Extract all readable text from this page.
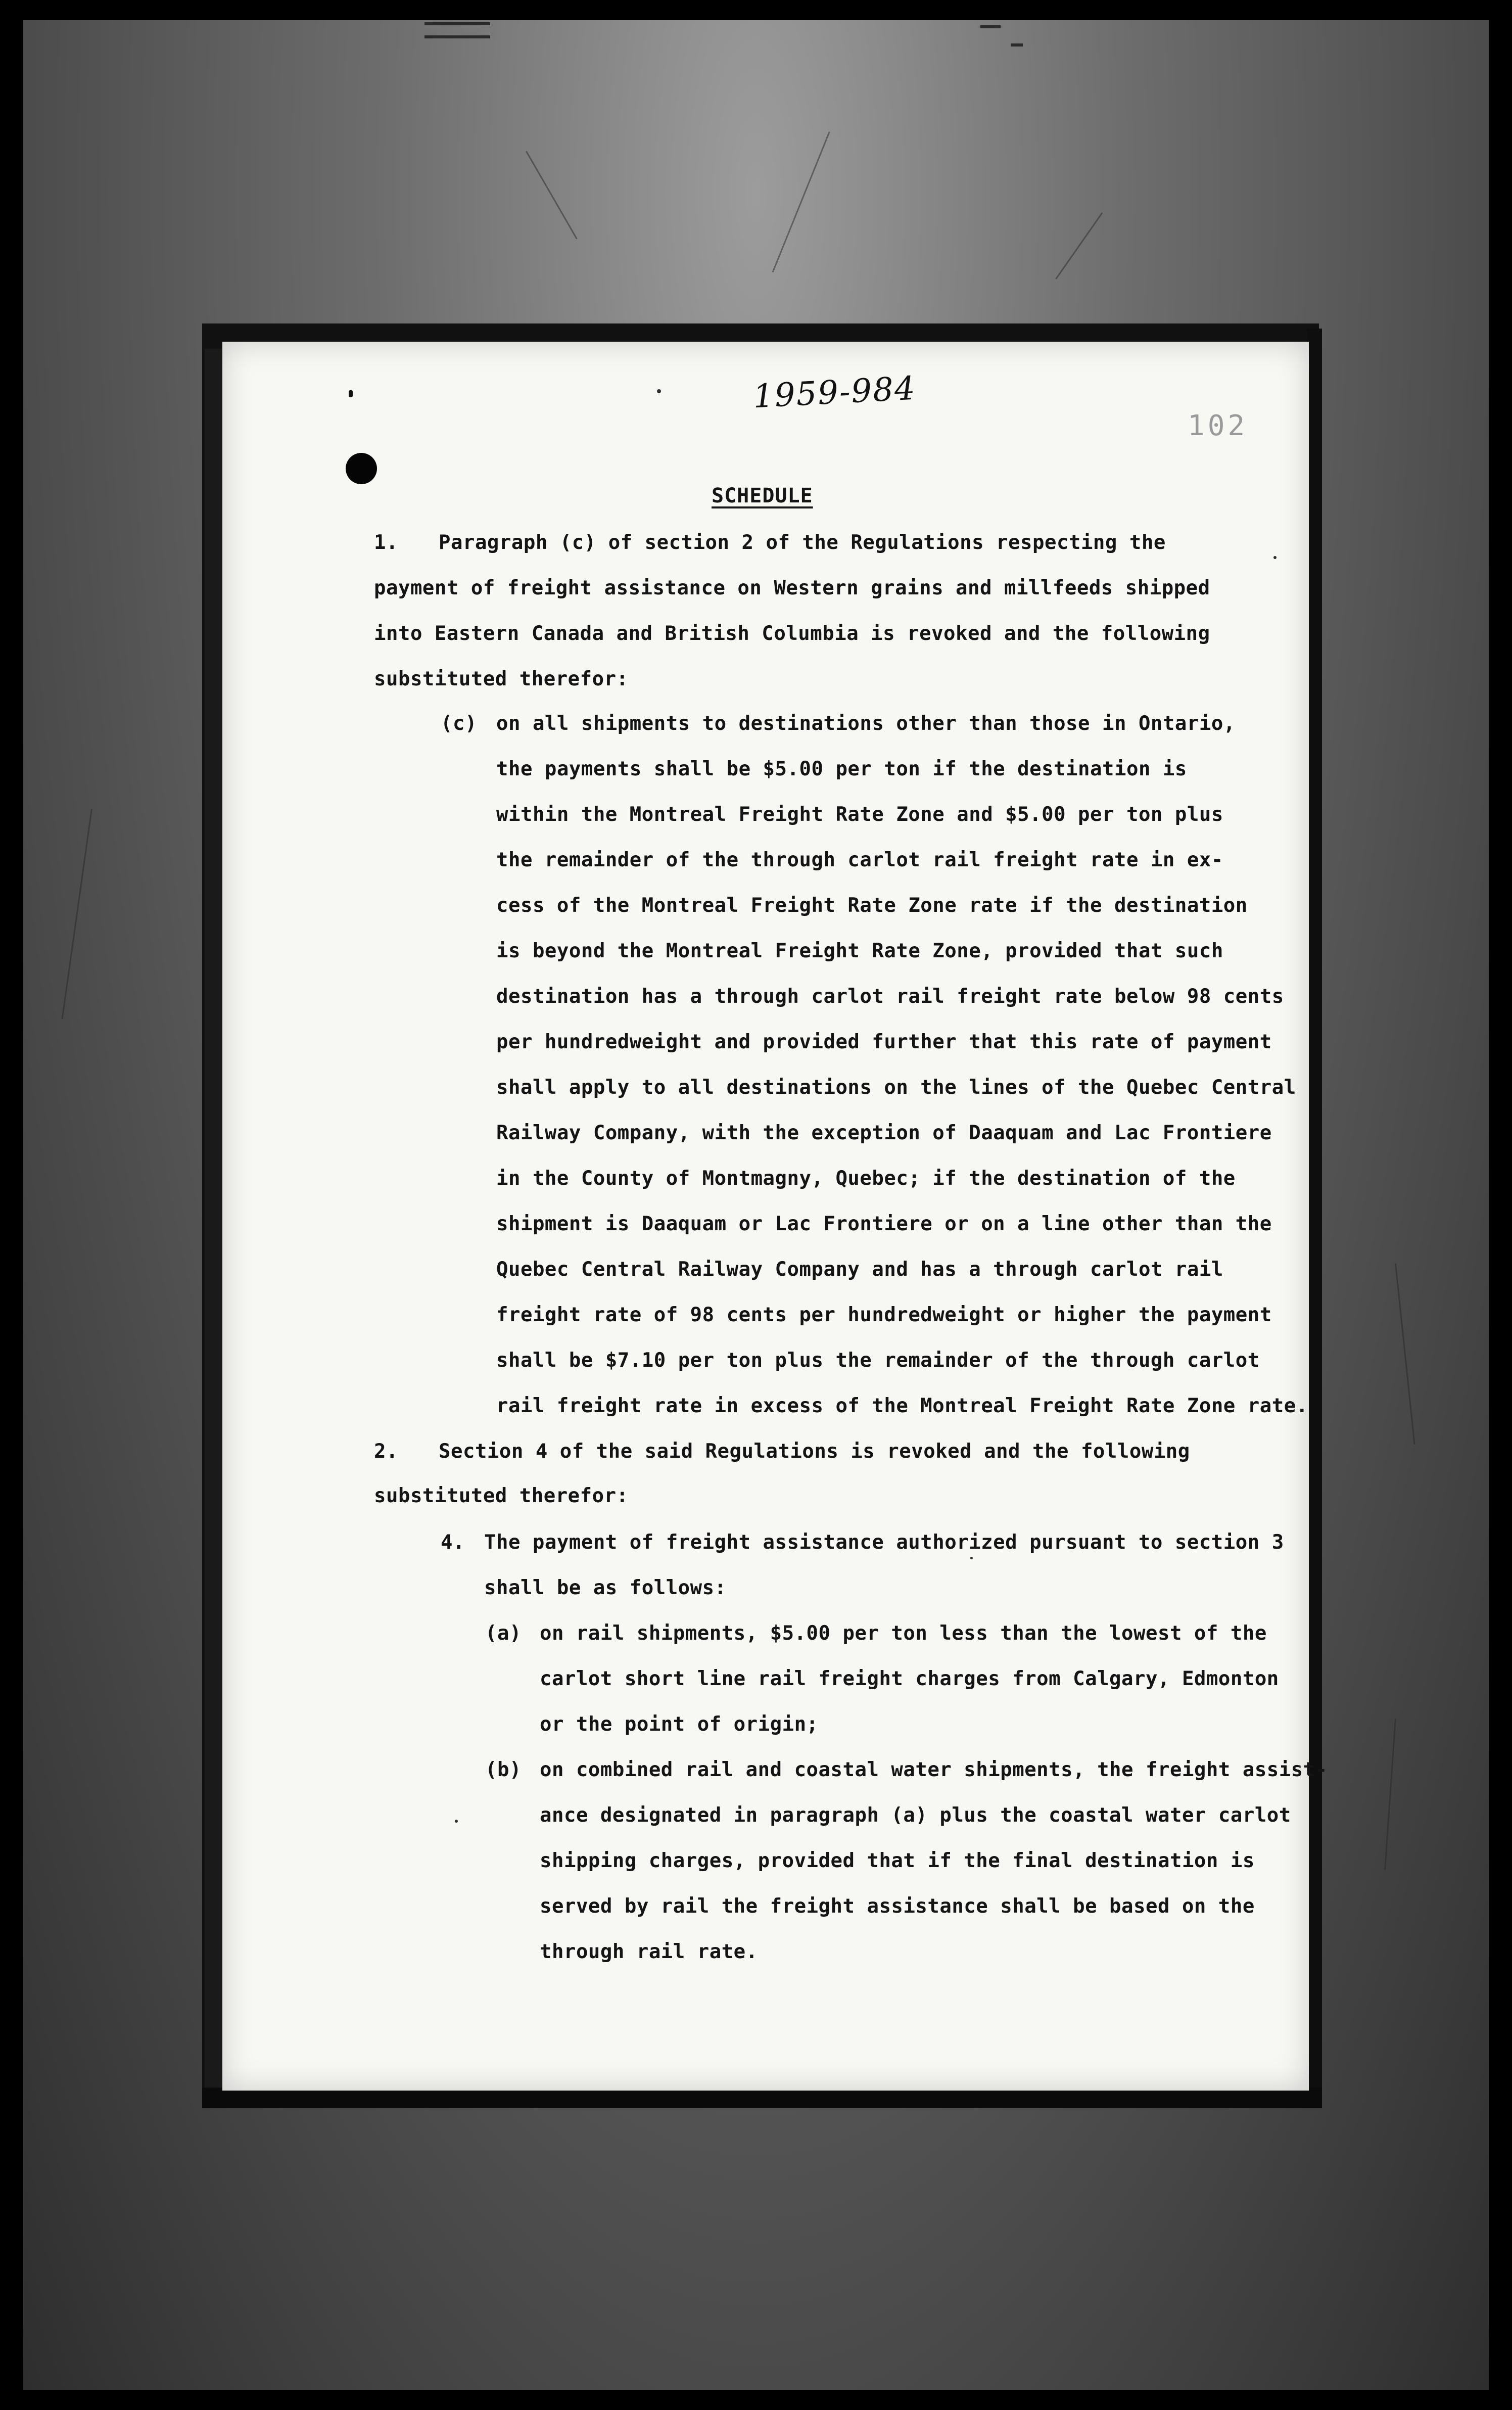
1959-984
102
SCHEDULE
1. Paragraph (c) of section 2 of the Regulations respecting the
payment of freight assistance on Western grains and millfeeds shipped
into Eastern Canada and British Columbia is revoked and the following
substituted therefor:
(c) on all shipments to destinations other than those in Ontario,
the payments shall be $5.00 per ton if the destination is
within the Montreal Freight Rate Zone and $5.00 per ton plus
the remainder of the through carlot rail freight rate in ex-
cess of the Montreal Freight Rate Zone rate if the destination
is beyond the Montreal Freight Rate Zone, provided that such
destination has a through carlot rail freight rate below 98 cents
per hundredweight and provided further that this rate of payment
shall apply to all destinations on the lines of the Quebec Central
Railway Company, with the exception of Daaquam and Lac Frontiere
in the County of Montmagny, Quebec; if the destination of the
shipment is Daaquam or Lac Frontiere or on a line other than the
Quebec Central Railway Company and has a through carlot rail
freight rate of 98 cents per hundredweight or higher the payment
shall be $7.10 per ton plus the remainder of the through carlot
rail freight rate in excess of the Montreal Freight Rate Zone rate.
2. Section 4 of the said Regulations is revoked and the following
substituted therefor:
4. The payment of freight assistance authorized pursuant to section 3
shall be as follows:
(a) on rail shipments, $5.00 per ton less than the lowest of the
carlot short line rail freight charges from Calgary, Edmonton
or the point of origin;
(b) on combined rail and coastal water shipments, the freight assist-
ance designated in paragraph (a) plus the coastal water carlot
shipping charges, provided that if the final destination is
served by rail the freight assistance shall be based on the
through rail rate.
